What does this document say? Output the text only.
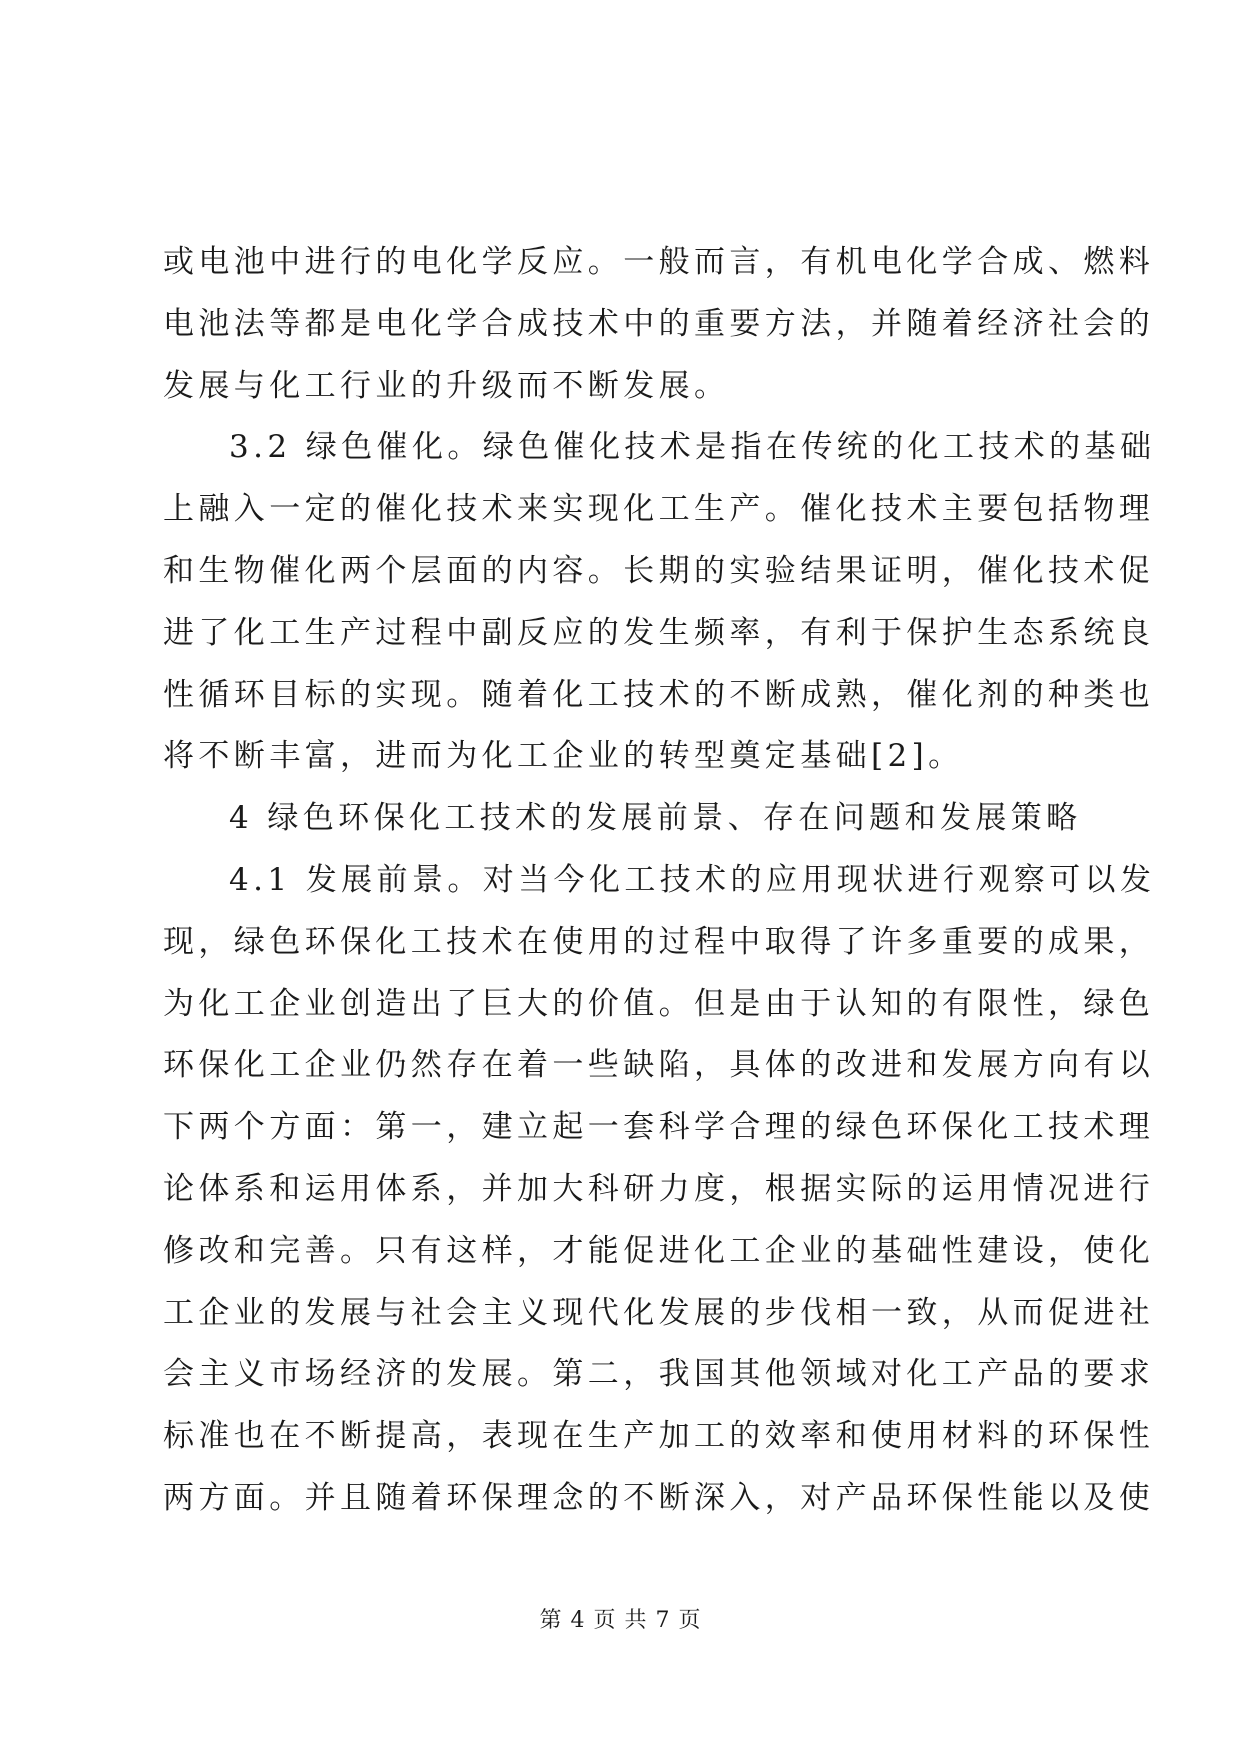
或电池中进行的电化学反应。一般而言，有机电化学合成、燃料
电池法等都是电化学合成技术中的重要方法，并随着经济社会的
发展与化工行业的升级而不断发展。
3.2 绿色催化。绿色催化技术是指在传统的化工技术的基础
上融入一定的催化技术来实现化工生产。催化技术主要包括物理
和生物催化两个层面的内容。长期的实验结果证明，催化技术促
进了化工生产过程中副反应的发生频率，有利于保护生态系统良
性循环目标的实现。随着化工技术的不断成熟，催化剂的种类也
将不断丰富，进而为化工企业的转型奠定基础[2]。
4 绿色环保化工技术的发展前景、存在问题和发展策略
4.1 发展前景。对当今化工技术的应用现状进行观察可以发
现，绿色环保化工技术在使用的过程中取得了许多重要的成果，
为化工企业创造出了巨大的价值。但是由于认知的有限性，绿色
环保化工企业仍然存在着一些缺陷，具体的改进和发展方向有以
下两个方面：第一，建立起一套科学合理的绿色环保化工技术理
论体系和运用体系，并加大科研力度，根据实际的运用情况进行
修改和完善。只有这样，才能促进化工企业的基础性建设，使化
工企业的发展与社会主义现代化发展的步伐相一致，从而促进社
会主义市场经济的发展。第二，我国其他领域对化工产品的要求
标准也在不断提高，表现在生产加工的效率和使用材料的环保性
两方面。并且随着环保理念的不断深入，对产品环保性能以及使
第 4 页 共 7 页
